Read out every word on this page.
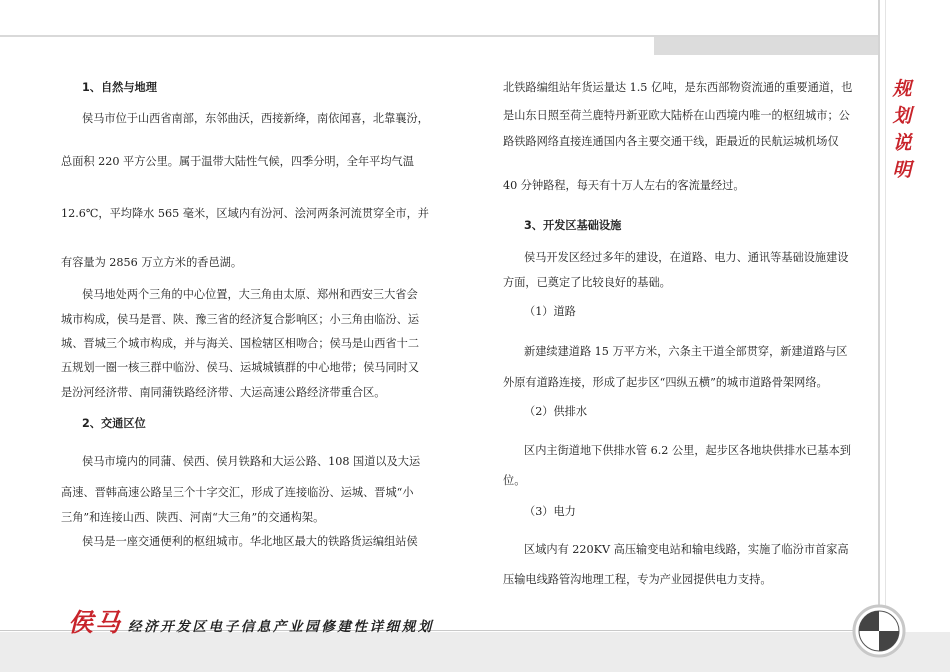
规
划
说
明
1、自然与地理
侯马市位于山西省南部，东邻曲沃，西接新绛，南依闻喜，北靠襄汾，
总面积 220 平方公里。属于温带大陆性气候，四季分明，全年平均气温
12.6℃，平均降水 565 毫米，区域内有汾河、浍河两条河流贯穿全市，并
有容量为 2856 万立方米的香邑湖。
侯马地处两个三角的中心位置，大三角由太原、郑州和西安三大省会
城市构成，侯马是晋、陕、豫三省的经济复合影响区；小三角由临汾、运
城、晋城三个城市构成，并与海关、国检辖区相吻合；侯马是山西省十二
五规划一圈一核三群中临汾、侯马、运城城镇群的中心地带；侯马同时又
是汾河经济带、南同蒲铁路经济带、大运高速公路经济带重合区。
2、交通区位
侯马市境内的同蒲、侯西、侯月铁路和大运公路、108 国道以及大运
高速、晋韩高速公路呈三个十字交汇，形成了连接临汾、运城、晋城“小
三角”和连接山西、陕西、河南“大三角”的交通构架。
侯马是一座交通便利的枢纽城市。华北地区最大的铁路货运编组站侯
北铁路编组站年货运量达 1.5 亿吨，是东西部物资流通的重要通道，也
是山东日照至荷兰鹿特丹新亚欧大陆桥在山西境内唯一的枢纽城市；公
路铁路网络直接连通国内各主要交通干线，距最近的民航运城机场仅
40 分钟路程，每天有十万人左右的客流量经过。
3、开发区基础设施
侯马开发区经过多年的建设，在道路、电力、通讯等基础设施建设
方面，已奠定了比较良好的基础。
（1）道路
新建续建道路 15 万平方米，六条主干道全部贯穿，新建道路与区
外原有道路连接，形成了起步区“四纵五横”的城市道路骨架网络。
（2）供排水
区内主街道地下供排水管 6.2 公里，起步区各地块供排水已基本到
位。
（3）电力
区域内有 220KV 高压输变电站和输电线路，实施了临汾市首家高
压输电线路管沟地理工程，专为产业园提供电力支持。
侯马 经济开发区电子信息产业园修建性详细规划
